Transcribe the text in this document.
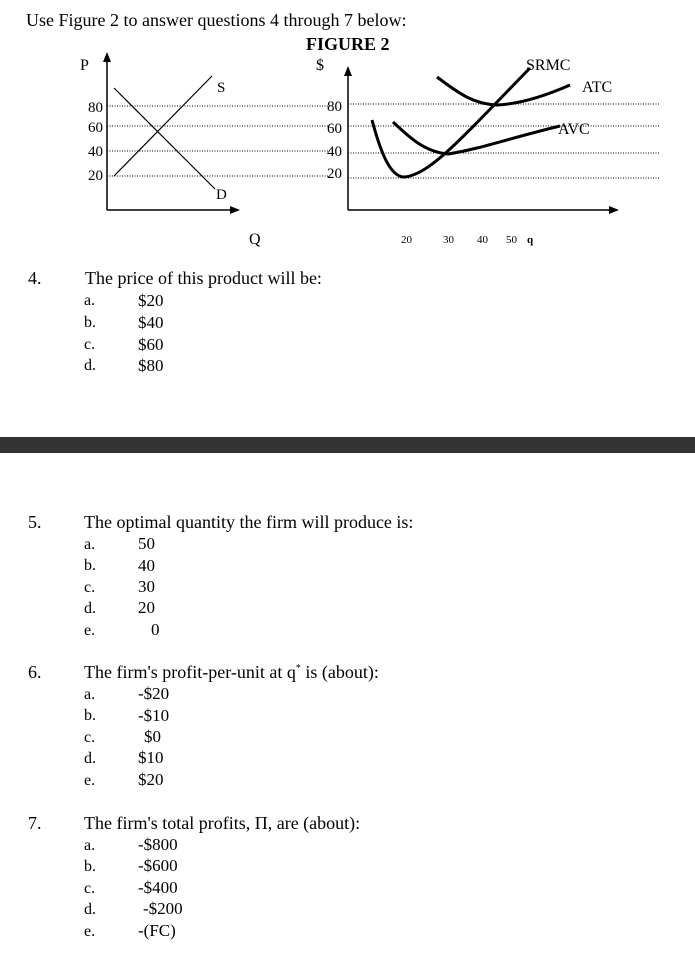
Use Figure 2 to answer questions 4 through 7 below:
FIGURE 2
P
80
60
40
20
S
D
Q
$
80
60
40
20
20	30 40 50 q
SRMC
ATC
AVC
4. The price of this product will be:
a.	$20
b. $40
c.	$60
d. $80
5. The optimal quantity the firm will produce is:
a.	50
b. 40
c.	30
d. 20
e.	0
6. The firm's profit-per-unit at q* is (about):
a.	-$20
b. -$10
c.	$0
d. $10
e.	$20
7. The firm's total profits, Π, are (about):
a.	-$800
b. -$600
c.	-$400
d.	-$200
e.	-(FC)
